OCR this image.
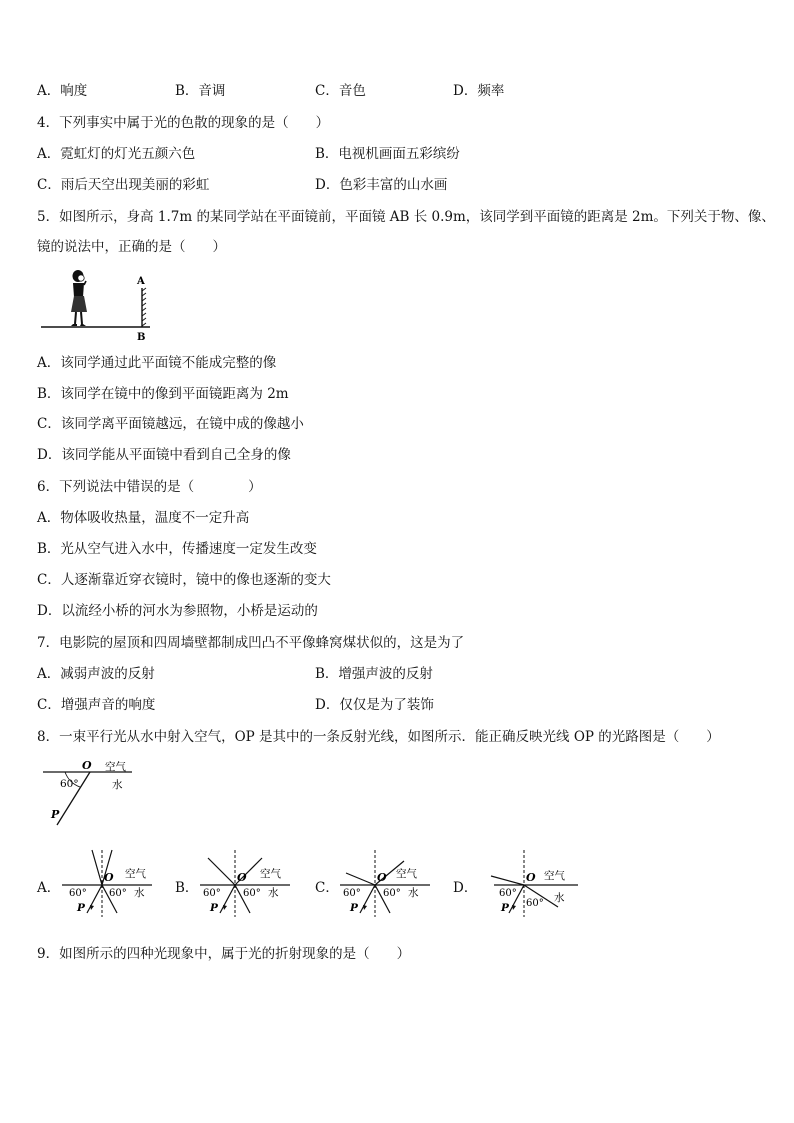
A．响度	B．音调	C．音色	D．频率
4．下列事实中属于光的色散的现象的是（　　）
A．霓虹灯的灯光五颜六色	B．电视机画面五彩缤纷
C．雨后天空出现美丽的彩虹	D．色彩丰富的山水画
5．如图所示，身高 1.7m 的某同学站在平面镜前，平面镜 AB 长 0.9m，该同学到平面镜的距离是 2m。下列关于物、像、
镜的说法中，正确的是（　　）
A
B
A．该同学通过此平面镜不能成完整的像
B．该同学在镜中的像到平面镜距离为 2m
C．该同学离平面镜越远，在镜中成的像越小
D．该同学能从平面镜中看到自己全身的像
6．下列说法中错误的是（　　　　）
A．物体吸收热量，温度不一定升高
B．光从空气进入水中，传播速度一定发生改变
C．人逐渐靠近穿衣镜时，镜中的像也逐渐的变大
D．以流经小桥的河水为参照物，小桥是运动的
7．电影院的屋顶和四周墙壁都制成凹凸不平像蜂窝煤状似的，这是为了
A．减弱声波的反射	B．增强声波的反射
C．增强声音的响度	D．仅仅是为了装饰
8．一束平行光从水中射入空气，OP 是其中的一条反射光线，如图所示．能正确反映光线 OP 的光路图是（　　）
O 空气
水
60°
P
A．	B．	C．	D．
O 空气
水
60° 60°
P
O 空气
水
60° 60°
P
O 空气
水
60° 60°
P
O 空气
水
60°
60°
P
9．如图所示的四种光现象中，属于光的折射现象的是（　　）
